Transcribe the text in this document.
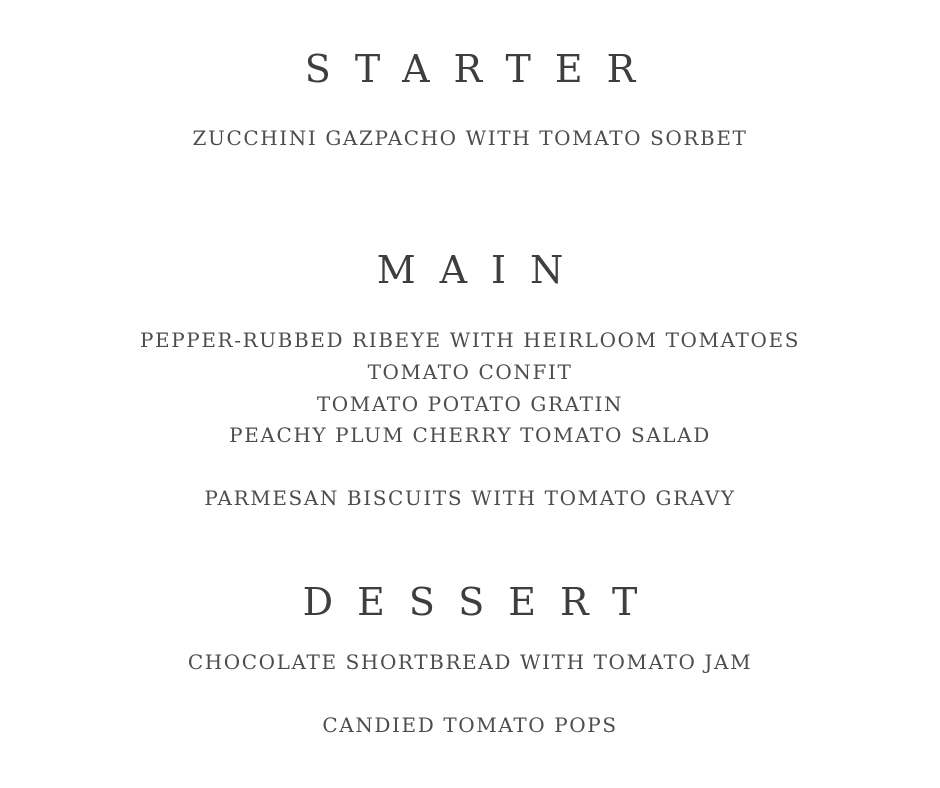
STARTER
ZUCCHINI GAZPACHO WITH TOMATO SORBET
MAIN
PEPPER-RUBBED RIBEYE WITH HEIRLOOM TOMATOES
TOMATO CONFIT
TOMATO POTATO GRATIN
PEACHY PLUM CHERRY TOMATO SALAD
PARMESAN BISCUITS WITH TOMATO GRAVY
DESSERT
CHOCOLATE SHORTBREAD WITH TOMATO JAM
CANDIED TOMATO POPS
